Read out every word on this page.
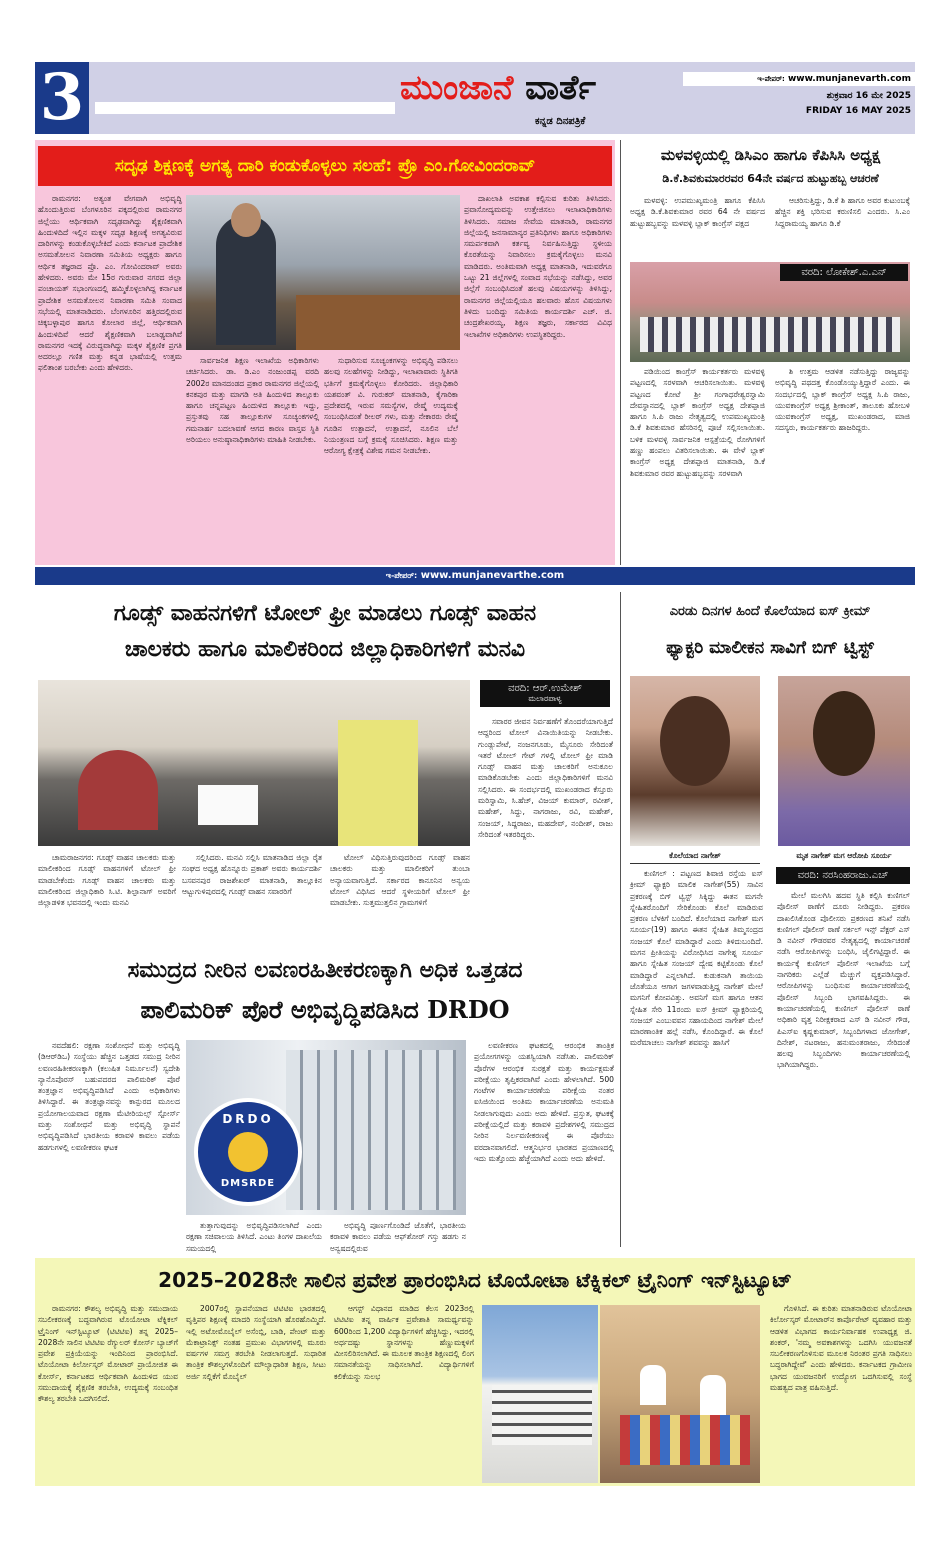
3	ಮುಂಜಾನೆ ವಾರ್ತೆ
ಕನ್ನಡ ದಿನಪತ್ರಿಕೆ
ಇ-ಪೇಪರ್: www.munjanevarth.com
ಶುಕ್ರವಾರ 16 ಮೇ 2025
FRIDAY 16 MAY 2025
ಸದೃಢ ಶಿಕ್ಷಣಕ್ಕೆ ಅಗತ್ಯ ದಾರಿ ಕಂಡುಕೊಳ್ಳಲು ಸಲಹೆ: ಪ್ರೊ ಎಂ.ಗೋವಿಂದರಾವ್

ರಾಮನಗರ: ಅತ್ಯಂತ ವೇಗವಾಗಿ ಅಭಿವೃದ್ಧಿ ಹೊಂದುತ್ತಿರುವ ಬೆಂಗಳೂರಿನ ಪಕ್ಕದಲ್ಲಿರುವ ರಾಮನಗರ ಜಿಲ್ಲೆಯು ಆರ್ಥಿಕವಾಗಿ ಸದೃಢವಾಗಿದ್ದು ಶೈಕ್ಷಣಿಕವಾಗಿ ಹಿಂದುಳಿದಿದೆ ಇಲ್ಲಿನ ಮಕ್ಕಳ ಸದೃಢ ಶಿಕ್ಷಣಕ್ಕೆ ಅಗತ್ಯವಿರುವ ದಾರಿಗಳನ್ನು ಕಂಡುಕೊಳ್ಳಬೇಕಿದೆ ಎಂದು ಕರ್ನಾಟಕ ಪ್ರಾದೇಶಿಕ ಅಸಮತೋಲನ ನಿವಾರಣಾ ಸಮಿತಿಯ ಅಧ್ಯಕ್ಷರು ಹಾಗೂ ಆರ್ಥಿಕ ತಜ್ಞರಾದ ಪ್ರೊ. ಎಂ. ಗೋವಿಂದರಾವ್ ಅವರು ಹೇಳಿದರು. ಅವರು ಮೇ 15ರ ಗುರುವಾರ ನಗರದ ಜಿಲ್ಲಾ ಪಂಚಾಯತ್ ಸಭಾಂಗಣದಲ್ಲಿ ಹಮ್ಮಿಕೊಳ್ಳಲಾಗಿದ್ದ ಕರ್ನಾಟಕ ಪ್ರಾದೇಶಿಕ ಅಸಮತೋಲನ ನಿವಾರಣಾ ಸಮಿತಿ ಸಂವಾದ ಸಭೆಯಲ್ಲಿ ಮಾತನಾಡಿದರು. ಬೆಂಗಳೂರಿನ ಹತ್ತಿರದಲ್ಲಿರುವ ಚಿಕ್ಕಬಳ್ಳಾಪುರ ಹಾಗೂ ಕೋಲಾರ ಜಿಲ್ಲೆ, ಆರ್ಥಿಕವಾಗಿ ಹಿಂದುಳಿದಿವೆ ಆದರೆ ಶೈಕ್ಷಣಿಕವಾಗಿ ಬಲಾಢ್ಯವಾಗಿವೆ ರಾಮನಗರ ಇದಕ್ಕೆ ವಿರುದ್ಧವಾಗಿದ್ದು ಮಕ್ಕಳ ಶೈಕ್ಷಣಿಕ ಪ್ರಗತಿ ಅದರಲ್ಲೂ ಗಣಿತ ಮತ್ತು ಕನ್ನಡ ಭಾಷೆಯಲ್ಲಿ ಉತ್ತಮ ಫಲಿತಾಂಶ ಬರಬೇಕು ಎಂದು ಹೇಳಿದರು.

ಸಾರ್ವಜನಿಕ ಶಿಕ್ಷಣ ಇಲಾಖೆಯ ಅಧಿಕಾರಿಗಳು ಚರ್ಚಿಸಿದರು. ಡಾ. ಡಿ.ಎಂ ನಂಜುಂಡಪ್ಪ ವರದಿ 2002ರ ಮಾನದಂಡದ ಪ್ರಕಾರ ರಾಮನಗರ ಜಿಲ್ಲೆಯಲ್ಲಿ ಕನಕಪುರ ಮತ್ತು ಮಾಗಡಿ ಅತಿ ಹಿಂದುಳಿದ ತಾಲ್ಲೂಕು ಹಾಗೂ ಚನ್ನಪಟ್ಟಣ ಹಿಂದುಳಿದ ತಾಲ್ಲೂಕು ಇದ್ದು, ಪ್ರಸ್ತುತವು ಸಹ ತಾಲ್ಲೂಕುಗಳ ಸೂಚ್ಯಂಕಗಳಲ್ಲಿ ಗಮನಾರ್ಹ ಬದಲಾವಣೆ ಆಗದ ಕಾರಣ ವಾಸ್ತವ ಸ್ಥಿತಿ ಅರಿಯಲು ಅನುಷ್ಠಾನಾಧಿಕಾರಿಗಳು ಮಾಹಿತಿ ನೀಡಬೇಕು.

ಸುಧಾರಿಸುವ ಸೂಚ್ಯಂಕಗಳನ್ನು ಅಭಿವೃದ್ಧಿ ಪಡಿಸಲು ಹಲವು ಸಲಹೆಗಳನ್ನು ನೀಡಿದ್ದು, ಇಲಾಖಾವಾರು ಸ್ಥಿತಿಗತಿ ಭರ್ತಿಗೆ ಕ್ರಮಕೈಗೊಳ್ಳಲು ಕೋರಿದರು. ಜಿಲ್ಲಾಧಿಕಾರಿ ಯಶವಂತ್ ವಿ. ಗುರುಕರ್ ಮಾತನಾಡಿ, ಕೈಗಾರಿಕಾ ಪ್ರದೇಶದಲ್ಲಿ ಇರುವ ಸಮಸ್ಯೆಗಳ, ರೇಷ್ಮೆ ಉದ್ಯಮಕ್ಕೆ ಸಂಬಂಧಿಸಿದಂತೆ ರೀಲರ್ ಗಳು, ಮತ್ತು ನೇಕಾರರು ರೇಷ್ಮೆ ಗೂಡಿನ ಉತ್ಪಾದನೆ, ಉತ್ಪಾದನೆ, ನೂಲಿನ ಬೆಲೆ ನಿಯಂತ್ರಣದ ಬಗ್ಗೆ ಕ್ರಮಕ್ಕೆ ಸೂಚಿಸಿದರು. ಶಿಕ್ಷಣ ಮತ್ತು ಆರೋಗ್ಯ ಕ್ಷೇತ್ರಕ್ಕೆ ವಿಶೇಷ ಗಮನ ನೀಡಬೇಕು.

ದಾಖಲಾತಿ ಅವಕಾಶ ಕಲ್ಪಿಸುವ ಕುರಿತು ತಿಳಿಸಿದರು. ಪ್ರವಾಸೋದ್ಯಮವನ್ನು ಉತ್ತೇಜಿಸಲು ಇಲಾಖಾಧಿಕಾರಿಗಳು ತಿಳಿಸಿದರು. ಸಮಾಜ ಸೇವೆಯ ಮಾತನಾಡಿ, ರಾಮನಗರ ಜಿಲ್ಲೆಯಲ್ಲಿ ಜನಸಾಮಾನ್ಯರ ಪ್ರತಿನಿಧಿಗಳು ಹಾಗೂ ಅಧಿಕಾರಿಗಳು ಸಮರ್ಪಕವಾಗಿ ಕರ್ತವ್ಯ ನಿರ್ವಹಿಸುತ್ತಿದ್ದು ಸ್ಥಳೀಯ ಕೊರತೆಯನ್ನು ನಿವಾರಿಸಲು ಕ್ರಮಕೈಗೊಳ್ಳಲು ಮನವಿ ಮಾಡಿದರು. ಅಂತಿಮವಾಗಿ ಅಧ್ಯಕ್ಷ ಮಾತನಾಡಿ, ಇದುವರೆಗೂ ಒಟ್ಟು 21 ಜಿಲ್ಲೆಗಳಲ್ಲಿ ಸಂವಾದ ಸಭೆಯನ್ನು ನಡೆಸಿದ್ದು, ಅವರ ಜಿಲ್ಲೆಗೆ ಸಂಬಂಧಿಸಿದಂತೆ ಹಲವು ವಿಷಯಗಳನ್ನು ತಿಳಿಸಿದ್ದು, ರಾಮನಗರ ಜಿಲ್ಲೆಯಲ್ಲಿಯೂ ಹಲವಾರು ಹೊಸ ವಿಷಯಗಳು ತಿಳಿದು ಬಂದಿದ್ದು ಸಮಿತಿಯ ಕಾರ್ಯದರ್ಶಿ ಎಚ್. ಜಿ. ಚಂದ್ರಶೇಖರಯ್ಯ, ಶಿಕ್ಷಣ ತಜ್ಞರು, ಸರ್ಕಾರದ ವಿವಿಧ ಇಲಾಖೆಗಳ ಅಧಿಕಾರಿಗಳು ಉಪಸ್ಥಿತರಿದ್ದರು.

ಮಳವಳ್ಳಿಯಲ್ಲಿ ಡಿಸಿಎಂ ಹಾಗೂ ಕೆಪಿಸಿಸಿ ಅಧ್ಯಕ್ಷ
ಡಿ.ಕೆ.ಶಿವಕುಮಾರರವರ 64ನೇ ವರ್ಷದ ಹುಟ್ಟುಹಬ್ಬ ಆಚರಣೆ

ಮಳವಳ್ಳಿ: ಉಪಮುಖ್ಯಮಂತ್ರಿ ಹಾಗೂ ಕೆಪಿಸಿಸಿ ಅಧ್ಯಕ್ಷ ಡಿ.ಕೆ.ಶಿವಕುಮಾರ ರವರ 64 ನೇ ವರ್ಷದ ಹುಟ್ಟುಹಬ್ಬವನ್ನು ಮಳವಳ್ಳಿ ಬ್ಲಾಕ್ ಕಾಂಗ್ರೆಸ್ ಪಕ್ಷದ

ಆಚರಿಸುತ್ತಿದ್ದು, ಡಿ.ಕೆ ಶಿ ಹಾಗೂ ಅವರ ಕುಟುಂಬಕ್ಕೆ ಹೆಚ್ಚಿನ ಶಕ್ತಿ ಭರಿಸುವ ಕರುಣಿಸಲಿ ಎಂದರು. ಸಿ.ಎಂ ಸಿದ್ದರಾಮಯ್ಯ ಹಾಗೂ ಡಿ.ಕೆ

ವರದಿ: ಲೋಕೇಶ್.ಎ.ಎನ್

ಪಡಿಯಿಂದ ಕಾಂಗ್ರೆಸ್ ಕಾರ್ಯಕರ್ತರು ಮಳವಳ್ಳಿ ಪಟ್ಟಣದಲ್ಲಿ ಸರಳವಾಗಿ ಆಚರಿಸಲಾಯಿತು. ಮಳವಳ್ಳಿ ಪಟ್ಟಣದ ಕೋಟೆ ಶ್ರೀ ಗಂಗಾಧರೇಶ್ವರಸ್ವಾಮಿ ದೇವಸ್ಥಾನದಲ್ಲಿ ಬ್ಲಾಕ್ ಕಾಂಗ್ರೆಸ್ ಅಧ್ಯಕ್ಷ ದೇಶಪ್ಪಾಜಿ ಹಾಗೂ ಸಿ.ಪಿ ರಾಜು ನೇತೃತ್ವದಲ್ಲಿ ಉಪಮುಖ್ಯಮಂತ್ರಿ ಡಿ.ಕೆ ಶಿವಕುಮಾರ ಹೆಸರಿನಲ್ಲಿ ಪೂಜೆ ಸಲ್ಲಿಸಲಾಯಿತು. ಬಳಿಕ ಮಳವಳ್ಳಿ ಸಾರ್ವಜನಿಕ ಆಸ್ಪತ್ರೆಯಲ್ಲಿ ರೋಗಿಗಳಿಗೆ ಹಣ್ಣು ಹಂಪಲು ವಿತರಿಸಲಾಯಿತು. ಈ ವೇಳೆ ಬ್ಲಾಕ್ ಕಾಂಗ್ರೆಸ್ ಅಧ್ಯಕ್ಷ ದೇಶಪ್ಪಾಜಿ ಮಾತನಾಡಿ, ಡಿ.ಕೆ ಶಿವಕುಮಾರ ರವರ ಹುಟ್ಟುಹಬ್ಬವನ್ನು ಸರಳವಾಗಿ

ಶಿ ಉತ್ತಮ ಆಡಳಿತ ನಡೆಸುತ್ತಿದ್ದು ರಾಜ್ಯವನ್ನು ಅಭಿವೃದ್ಧಿ ಪಥದತ್ತ ಕೊಂಡೊಯ್ಯುತ್ತಿದ್ದಾರೆ ಎಂದು. ಈ ಸಂದರ್ಭದಲ್ಲಿ ಬ್ಲಾಕ್ ಕಾಂಗ್ರೆಸ್ ಅಧ್ಯಕ್ಷ ಸಿ.ಪಿ ರಾಜು, ಯುವಕಾಂಗ್ರೆಸ್ ಅಧ್ಯಕ್ಷ ಶ್ರೀಕಾಂತ್, ತಾಲೂಕು ಹೋಬಳಿ ಯುವಕಾಂಗ್ರೆಸ್ ಅಧ್ಯಕ್ಷ, ಮುಖಂಡರಾದ, ಮಾಜಿ ಸದಸ್ಯರು, ಕಾರ್ಯಕರ್ತರು ಹಾಜರಿದ್ದರು.

ಇ-ಪೇಪರ್: www.munjanevarthe.com
ಗೂಡ್ಸ್ ವಾಹನಗಳಿಗೆ ಟೋಲ್ ಫ್ರೀ ಮಾಡಲು ಗೂಡ್ಸ್ ವಾಹನ
ಚಾಲಕರು ಹಾಗೂ ಮಾಲಿಕರಿಂದ ಜಿಲ್ಲಾಧಿಕಾರಿಗಳಿಗೆ ಮನವಿ
ವರದಿ: ಆರ್.ಉಮೇಶ್
ಮಲಾರಪಾಳ್ಯ

ಸವಾರರ ಜೀವನ ನಿರ್ವಹಣೆಗೆ ತೊಂದರೆಯಾಗುತ್ತಿದೆ ಆದ್ದರಿಂದ ಟೋಲ್ ವಿನಾಯಿತಿಯನ್ನು ನೀಡಬೇಕು. ಗುಂಡ್ಲುಪೇಟೆ, ನಂಜನಗೂಡು, ಮೈಸೂರು ಸೇರಿದಂತೆ ಇತರೆ ಟೋಲ್ ಗೇಟ್ ಗಳಲ್ಲಿ ಟೋಲ್ ಫ್ರೀ ಮಾಡಿ ಗೂಡ್ಸ್ ವಾಹನ ಮತ್ತು ಚಾಲಕರಿಗೆ ಅನುಕೂಲ ಮಾಡಿಕೊಡಬೇಕು ಎಂದು ಜಿಲ್ಲಾಧಿಕಾರಿಗಳಿಗೆ ಮನವಿ ಸಲ್ಲಿಸಿದರು. ಈ ಸಂದರ್ಭದಲ್ಲಿ ಮುಖಂಡರಾದ ಕೆಸ್ತೂರು ಮರಿಸ್ವಾಮಿ, ಸಿ.ಹೆಚ್, ವಿಜಯ್ ಕುಮಾರ್, ರವೀಶ್, ಮಹೇಶ್, ಸಿದ್ದು, ನಾಗರಾಜು, ರವಿ, ಮಹೇಶ್, ಸಂಜಯ್, ಸಿದ್ದರಾಜು, ಮಹದೇವ್, ನಂದೀಶ್, ರಾಜು ಸೇರಿದಂತೆ ಇತರರಿದ್ದರು.

ಚಾಮರಾಜನಗರ: ಗೂಡ್ಸ್ ವಾಹನ ಚಾಲಕರು ಮತ್ತು ಮಾಲೀಕರಿಂದ ಗೂಡ್ಸ್ ವಾಹನಗಳಿಗೆ ಟೋಲ್ ಫ್ರೀ ಮಾಡಬೇಕೆಂದು ಗೂಡ್ಸ್ ವಾಹನ ಚಾಲಕರು ಮತ್ತು ಮಾಲೀಕರಿಂದ ಜಿಲ್ಲಾಧಿಕಾರಿ ಸಿ.ಟಿ. ಶಿಲ್ಪಾನಾಗ್ ಅವರಿಗೆ ಜಿಲ್ಲಾಡಳಿತ ಭವನದಲ್ಲಿ ಇಂದು ಮನವಿ

ಸಲ್ಲಿಸಿದರು. ಮನವಿ ಸಲ್ಲಿಸಿ ಮಾತನಾಡಿದ ಜಿಲ್ಲಾ ರೈತ ಸಂಘದ ಅಧ್ಯಕ್ಷ ಹೊನ್ನೂರು ಪ್ರಕಾಶ್ ಅವರು ಕಾರ್ಯದರ್ಶಿ ಬಸವನಪುರ ರಾಜಶೇಖರ್ ಮಾತನಾಡಿ, ತಾಲ್ಲೂಕಿನ ಆಟ್ಟುಗುಳಿಪುರದಲ್ಲಿ ಗೂಡ್ಸ್ ವಾಹನ ಸವಾರರಿಗೆ

ಟೋಲ್ ವಿಧಿಸುತ್ತಿರುವುದರಿಂದ ಗೂಡ್ಸ್ ವಾಹನ ಚಾಲಕರು ಮತ್ತು ಮಾಲೀಕರಿಗೆ ತುಂಬಾ ಅನ್ಯಾಯವಾಗುತ್ತಿದೆ. ಸರ್ಕಾರದ ಕಾನೂನಿನ ಅನ್ವಯ ಟೋಲ್ ವಿಧಿಸಿದ ಆದರೆ ಸ್ಥಳೀಯರಿಗೆ ಟೋಲ್ ಫ್ರೀ ಮಾಡಬೇಕು. ಸುತ್ತಮುತ್ತಲಿನ ಗ್ರಾಮಗಳಿಗೆ

ಎರಡು ದಿನಗಳ ಹಿಂದೆ ಕೊಲೆಯಾದ ಐಸ್ ಕ್ರೀಮ್
ಫ್ಯಾಕ್ಟರಿ ಮಾಲೀಕನ ಸಾವಿಗೆ ಬಿಗ್ ಟ್ವಿಸ್ಟ್
ಕೊಲೆಯಾದ ನಾಗೇಶ್	ಮೃತ ನಾಗೇಶ್ ಮಗ ಆರೋಪಿ ಸೂರ್ಯ

ಕುಣಿಗಲ್ : ಪಟ್ಟಣದ ಶಿವಾಜಿ ರಸ್ತೆಯ ಐಸ್ ಕ್ರೀಮ್ ಫ್ಯಾಕ್ಟರಿ ಮಾಲಿಕ ನಾಗೇಶ್(55) ಸಾವಿನ ಪ್ರಕರಣಕ್ಕೆ ಬಿಗ್ ಟ್ವಿಸ್ಟ್ ಸಿಕ್ಕಿದ್ದು ಈತನ ಮಗನೇ ಸ್ನೇಹಿತರೊಂದಿಗೆ ಸೇರಿಕೊಂಡು ಕೊಲೆ ಮಾಡಿರುವ ಪ್ರಕರಣ ಬೆಳಕಿಗೆ ಬಂದಿದೆ. ಕೊಲೆಯಾದ ನಾಗೇಶ್ ಮಗ ಸೂರ್ಯ(19) ಹಾಗೂ ಈತನ ಸ್ನೇಹಿತ ತಿಮ್ಮಸಂದ್ರದ ಸಂಜಯ್ ಕೊಲೆ ಮಾಡಿದ್ದಾರೆ ಎಂದು ತಿಳಿದುಬಂದಿದೆ. ಮಗನ ಪ್ರೀತಿಯನ್ನು ವಿರೋಧಿಸಿದ ನಾಗೇಶ್ನ ಸೂರ್ಯ ಹಾಗೂ ಸ್ನೇಹಿತ ಸಂಜಯ್ ದ್ವೇಷ ಕಟ್ಟಿಕೊಂಡು ಕೊಲೆ ಮಾಡಿದ್ದಾರೆ ಎನ್ನಲಾಗಿದೆ. ಕುಡುಕನಾಗಿ ತಾಯಿಯ ಜೊತೆಯೂ ಆಗಾಗ ಜಗಳವಾಡುತ್ತಿದ್ದ ನಾಗೇಶ್ ಮೇಲೆ ಮಗನಿಗೆ ಕೋಪವಿತ್ತು. ಅವನಿಗೆ ಮಗ ಹಾಗೂ ಆತನ ಸ್ನೇಹಿತ ಸೇರಿ 11ರಂದು ಐಸ್ ಕ್ರೀಮ್ ಫ್ಯಾಕ್ಟರಿಯಲ್ಲಿ ಸಂಜಯ್ ಎಂಬುವವನ ಸಹಾಯದಿಂದ ನಾಗೇಶ್ ಮೇಲೆ ಮಾರಣಾಂತಿಕ ಹಲ್ಲೆ ನಡೆಸಿ, ಕೊಂದಿದ್ದಾರೆ. ಈ ಕೊಲೆ ಮರೆಮಾಚಲು ನಾಗೇಶ್ ಶವವನ್ನು ಹಾಸಿಗೆ

ವರದಿ: ನರಸಿಂಹರಾಜು.ಎಚ್

ಮೇಲೆ ಮಲಗಿಸಿ ಹದವ ಸ್ಥಿತಿ ಕಲ್ಪಿಸಿ ಕುಣಿಗಲ್ ಪೊಲೀಸ್ ಠಾಣೆಗೆ ದೂರು ನೀಡಿದ್ದರು. ಪ್ರಕರಣ ದಾಖಲಿಸಿಕೊಂಡ ಪೊಲೀಸರು ಪ್ರಕರಣದ ತನಿಖೆ ನಡೆಸಿ ಕುಣಿಗಲ್ ಪೊಲೀಸ್ ಠಾಣೆ ಸರ್ಕಲ್ ಇನ್ಸ್ ಪೆಕ್ಟರ್ ಎಸ್ ಡಿ ನವೀನ್ ಗೌಡರವರ ನೇತೃತ್ವದಲ್ಲಿ ಕಾರ್ಯಾಚರಣೆ ನಡೆಸಿ ಆರೋಪಿಗಳನ್ನು ಬಂಧಿಸಿ, ಜೈಲಿಗಟ್ಟಿದ್ದಾರೆ. ಈ ಕಾರ್ಯಕ್ಕೆ ಕುಣಿಗಲ್ ಪೊಲೀಸ್ ಇಲಾಖೆಯ ಬಗ್ಗೆ ನಾಗರಿಕರು ಎಲ್ಲೆಡೆ ಮೆಚ್ಚುಗೆ ವ್ಯಕ್ತಪಡಿಸಿದ್ದಾರೆ. ಆರೋಪಿಗಳನ್ನು ಬಂಧಿಸುವ ಕಾರ್ಯಾಚರಣೆಯಲ್ಲಿ ಪೊಲೀಸ್ ಸಿಬ್ಬಂದಿ ಭಾಗವಹಿಸಿದ್ದರು. ಈ ಕಾರ್ಯಾಚರಣೆಯಲ್ಲಿ ಕುಣಿಗಲ್ ಪೊಲೀಸ್ ಠಾಣೆ ಅಧಿಕಾರಿ ವೃತ್ತ ನಿರೀಕ್ಷಕರಾದ ಎಸ್ ಡಿ ನವೀನ್ ಗೌಡ, ಪಿಎಸ್ಐ ಕೃಷ್ಣಕುಮಾರ್, ಸಿಬ್ಬಂದಿಗಳಾದ ಜೋಗೇಶ್, ದಿನೇಶ್, ನಟರಾಜು, ಹನುಮಂತರಾಜು, ಸೇರಿದಂತೆ ಹಲವು ಸಿಬ್ಬಂದಿಗಳು ಕಾರ್ಯಾಚರಣೆಯಲ್ಲಿ ಭಾಗಿಯಾಗಿದ್ದರು.

ಸಮುದ್ರದ ನೀರಿನ ಲವಣರಹಿತೀಕರಣಕ್ಕಾಗಿ ಅಧಿಕ ಒತ್ತಡದ
ಪಾಲಿಮರಿಕ್ ಪೊರೆ ಅಭಿವೃದ್ಧಿಪಡಿಸಿದ DRDO

ನವದೆಹಲಿ: ರಕ್ಷಣಾ ಸಂಶೋಧನೆ ಮತ್ತು ಅಭಿವೃದ್ಧಿ (ಡಿಆರ್‌ಡಿಒ) ಸಂಸ್ಥೆಯು ಹೆಚ್ಚಿನ ಒತ್ತಡದ ಸಮುದ್ರ ನೀರಿನ ಲವಣರಹಿತೀಕರಣಕ್ಕಾಗಿ (ಕಲುಷಿತ ನಿರ್ಮೂಲನೆ) ಸ್ವದೇಶಿ ನ್ಯಾನೊಪೊರಸ್ ಬಹುಪದರದ ಪಾಲಿಮರಿಕ್ ಪೊರೆ ತಂತ್ರಜ್ಞಾನ ಅಭಿವೃದ್ಧಿಪಡಿಸಿದೆ ಎಂದು ಅಧಿಕಾರಿಗಳು ತಿಳಿಸಿದ್ದಾರೆ. ಈ ತಂತ್ರಜ್ಞಾನವನ್ನು ಕಾನ್ಪುರದ ಮೂಲದ ಪ್ರಯೋಗಾಲಯವಾದ ರಕ್ಷಣಾ ಮೆಟೀರಿಯಲ್ಸ್ ಸ್ಟೋರ್ಸ್ ಮತ್ತು ಸಂಶೋಧನೆ ಮತ್ತು ಅಭಿವೃದ್ಧಿ ಸ್ಥಾಪನೆ ಅಭಿವೃದ್ಧಿಪಡಿಸಿದೆ ಭಾರತೀಯ ಕರಾವಳಿ ಕಾವಲು ಪಡೆಯ ಹಡಗುಗಳಲ್ಲಿ ಲವಣೀಕರಣ ಘಟಕ

DRDO
DMSRDE

ತುತ್ತಾಗುವುದನ್ನು ಅಭಿವೃದ್ಧಿಪಡಿಸಲಾಗಿದೆ ಎಂದು ರಕ್ಷಣಾ ಸಚಿವಾಲಯ ತಿಳಿಸಿದೆ. ಎಂಟು ತಿಂಗಳ ದಾಖಲೆಯ ಸಮಯದಲ್ಲಿ

ಅಭಿವೃದ್ಧಿ ಪೂರ್ಣಗೊಂಡಿದೆ ಜೊತೆಗೆ, ಭಾರತೀಯ ಕರಾವಳಿ ಕಾವಲು ಪಡೆಯ ಆಫ್‌ಶೋರ್ ಗಸ್ತು ಹಡಗು ನ ಅನ್ವಷದಲ್ಲಿರುವ

ಲವಣೀಕರಣ ಘಟಕದಲ್ಲಿ ಆರಂಭಿಕ ತಾಂತ್ರಿಕ ಪ್ರಯೋಗಗಳನ್ನು ಯಶಸ್ವಿಯಾಗಿ ನಡೆಸಿತು. ಪಾಲಿಮರಿಕ್ ಪೊರೆಗಳ ಆರಂಭಿಕ ಸುರಕ್ಷತೆ ಮತ್ತು ಕಾರ್ಯಕ್ಷಮತೆ ಪರೀಕ್ಷೆಯು ತೃಪ್ತಿಕರವಾಗಿವೆ ಎಂದು ಹೇಳಲಾಗಿದೆ. 500 ಗಂಟೆಗಳ ಕಾರ್ಯಾಚರಣೆಯ ಪರೀಕ್ಷೆಯ ನಂತರ ಐಸಿಜಿಯಿಂದ ಅಂತಿಮ ಕಾರ್ಯಾಚರಣೆಯ ಅನುಮತಿ ನೀಡಲಾಗುವುದು ಎಂದು ಅದು ಹೇಳಿದೆ. ಪ್ರಸ್ತುತ, ಘಟಕಕ್ಕೆ ಪರೀಕ್ಷೆಯಲ್ಲಿದೆ ಮತ್ತು ಕರಾವಳಿ ಪ್ರದೇಶಗಳಲ್ಲಿ ಸಮುದ್ರದ ನೀರಿನ ನಿರ್ಲವಣೀಕರಣಕ್ಕೆ ಈ ಪೊರೆಯು ವರದಾನವಾಗಲಿದೆ. ಆತ್ಮನಿರ್ಭರ ಭಾರತದ ಪ್ರಯಾಣದಲ್ಲಿ ಇದು ಮತ್ತೊಂದು ಹೆಜ್ಜೆಯಾಗಿದೆ ಎಂದು ಅದು ಹೇಳಿದೆ.

2025–2028ನೇ ಸಾಲಿನ ಪ್ರವೇಶ ಪ್ರಾರಂಭಿಸಿದ ಟೊಯೋಟಾ ಟೆಕ್ನಿಕಲ್ ಟ್ರೈನಿಂಗ್ ಇನ್‌ಸ್ಟಿಟ್ಯೂಟ್

ರಾಮನಗರ: ಕೌಶಲ್ಯ ಅಭಿವೃದ್ಧಿ ಮತ್ತು ಸಮುದಾಯ ಸಬಲೀಕರಣಕ್ಕೆ ಬದ್ಧವಾಗಿರುವ ಟೊಯೋಟಾ ಟೆಕ್ನಿಕಲ್ ಟ್ರೈನಿಂಗ್ ಇನ್‌ಸ್ಟಿಟ್ಯೂಟ್ (ಟಿಟಿಟಿಐ) ತನ್ನ 2025–2028ನೇ ಸಾಲಿನ ಟಿಟಿಟಿಐ ರೆಗ್ಯುಲರ್ ಕೋರ್ಸ್ ಬ್ಯಾಚ್‌ಗೆ ಪ್ರವೇಶ ಪ್ರಕ್ರಿಯೆಯನ್ನು ಇಂದಿನಿಂದ ಪ್ರಾರಂಭಿಸಿದೆ. ಟೊಯೋಟಾ ಕಿರ್ಲೋಸ್ಕರ್ ಮೋಟಾರ್ ಪ್ರಾಯೋಜಿತ ಈ ಕೋರ್ಸ್, ಕರ್ನಾಟಕದ ಆರ್ಥಿಕವಾಗಿ ಹಿಂದುಳಿದ ಯುವ ಸಮುದಾಯಕ್ಕೆ ಶೈಕ್ಷಣಿಕ ತರಬೇತಿ, ಉದ್ಯಮಕ್ಕೆ ಸಂಬಂಧಿತ ಕೌಶಲ್ಯ ತರಬೇತಿ ಒದಗಿಸಲಿದೆ.

2007ರಲ್ಲಿ ಸ್ಥಾಪನೆಯಾದ ಟಿಟಿಟಿಐ ಭಾರತದಲ್ಲಿ ವೃತ್ತಿಪರ ಶಿಕ್ಷಣಕ್ಕೆ ಮಾದರಿ ಸಂಸ್ಥೆಯಾಗಿ ಹೊರಹೊಮ್ಮಿದೆ. ಇಲ್ಲಿ ಅಟೋಮೊಬೈಲ್ ಅಸೆಂಬ್ಲಿ, ಬಾಡಿ, ಪೇಂಟ್ ಮತ್ತು ಮೆಕಾಟ್ರಾನಿಕ್ಸ್ ನಂತಹ ಪ್ರಮುಖ ವಿಭಾಗಗಳಲ್ಲಿ ಮೂರು ವರ್ಷಗಳ ಸಮಗ್ರ ತರಬೇತಿ ನೀಡಲಾಗುತ್ತದೆ. ಸುಧಾರಿತ ತಾಂತ್ರಿಕ ಕೌಶಲ್ಯಗಳೊಂದಿಗೆ ಮೌಲ್ಯಾಧಾರಿತ ಶಿಕ್ಷಣ, ಸೀಟು ಅರ್ಜಿ ಸಲ್ಲಿಕೆಗೆ ಮೊಬೈಲ್

ಆಗಸ್ಟ್ ವಿಧಾನದ ಮಾಡಿದ ಕೆಲಸ 2023ರಲ್ಲಿ ಟಿಟಿಟಿಐ ತನ್ನ ವಾರ್ಷಿಕ ಪ್ರವೇಶಾತಿ ಸಾಮರ್ಥ್ಯವನ್ನು 600ರಿಂದ 1,200 ವಿದ್ಯಾರ್ಥಿಗಳಿಗೆ ಹೆಚ್ಚಿಸಿದ್ದು, ಇದರಲ್ಲಿ ಅರ್ಧದಷ್ಟು ಸ್ಥಾನಗಳನ್ನು ಹೆಣ್ಣುಮಕ್ಕಳಿಗೆ ಮೀಸಲಿರಿಸಲಾಗಿದೆ. ಈ ಮೂಲಕ ತಾಂತ್ರಿಕ ಶಿಕ್ಷಣದಲ್ಲಿ ಲಿಂಗ ಸಮಾನತೆಯನ್ನು ಸಾಧಿಸಲಾಗಿದೆ. ವಿದ್ಯಾರ್ಥಿಗಳಿಗೆ ಕಲಿಕೆಯನ್ನು ಸುಲಭ

ಗೊಳಿಸಿದೆ. ಈ ಕುರಿತು ಮಾತನಾಡಿರುವ ಟೊಯೋಟಾ ಕಿರ್ಲೋಸ್ಕರ್ ಮೋಟಾರ್‌ನ ಕಾರ್ಪೊರೇಟ್ ವ್ಯವಹಾರ ಮತ್ತು ಆಡಳಿತ ವಿಭಾಗದ ಕಾರ್ಯನಿರ್ವಾಹಕ ಉಪಾಧ್ಯಕ್ಷ ಜಿ. ಶಂಕರ್, 'ನಮ್ಮ ಅವಕಾಶಗಳನ್ನು ಒದಗಿಸಿ ಯುವಜನತೆ ಸಬಲೀಕರಣಗೊಳಿಸುವ ಮೂಲಕ ನಿರಂತರ ಪ್ರಗತಿ ಸಾಧಿಸಲು ಬದ್ಧರಾಗಿದ್ದೇವೆ' ಎಂದು ಹೇಳಿದರು. ಕರ್ನಾಟಕದ ಗ್ರಾಮೀಣ ಭಾಗದ ಯುವಜನರಿಗೆ ಉದ್ಯೋಗ ಒದಗಿಸುವಲ್ಲಿ ಸಂಸ್ಥೆ ಮಹತ್ವದ ಪಾತ್ರ ವಹಿಸುತ್ತಿದೆ.
